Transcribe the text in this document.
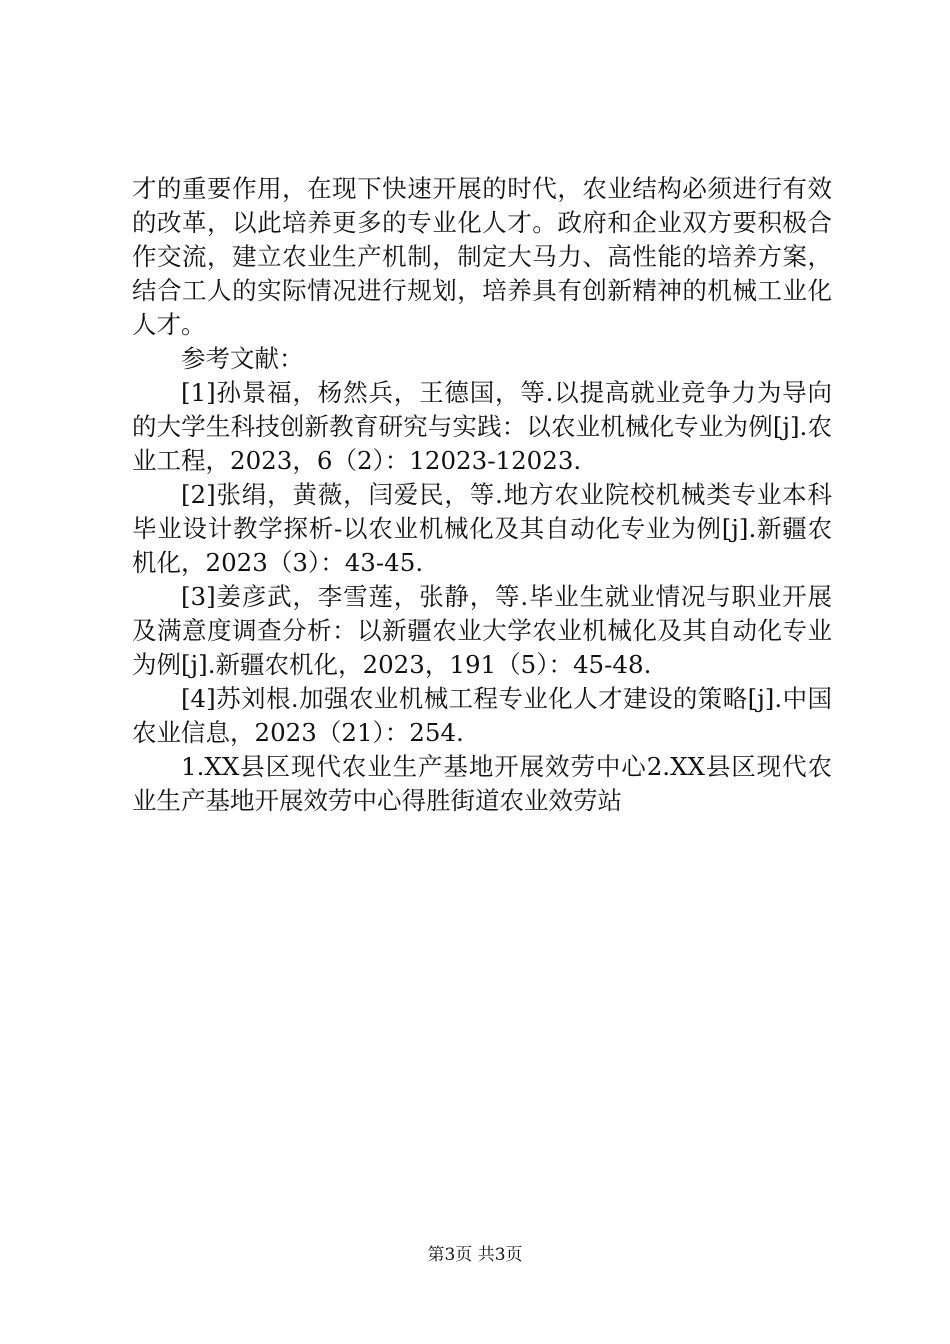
才的重要作用，在现下快速开展的时代，农业结构必须进行有效的改革，以此培养更多的专业化人才。政府和企业双方要积极合作交流，建立农业生产机制，制定大马力、高性能的培养方案，结合工人的实际情况进行规划，培养具有创新精神的机械工业化人才。

参考文献：

[1]孙景福，杨然兵，王德国，等.以提高就业竞争力为导向的大学生科技创新教育研究与实践：以农业机械化专业为例[j].农业工程，2023，6（2）：12023-12023.

[2]张绢，黄薇，闫爱民，等.地方农业院校机械类专业本科毕业设计教学探析-以农业机械化及其自动化专业为例[j].新疆农机化，2023（3）：43-45.

[3]姜彦武，李雪莲，张静，等.毕业生就业情况与职业开展及满意度调查分析：以新疆农业大学农业机械化及其自动化专业为例[j].新疆农机化，2023，191（5）：45-48.

[4]苏刘根.加强农业机械工程专业化人才建设的策略[j].中国农业信息，2023（21）：254.

1.XX县区现代农业生产基地开展效劳中心2.XX县区现代农业生产基地开展效劳中心得胜街道农业效劳站

第3页 共3页
